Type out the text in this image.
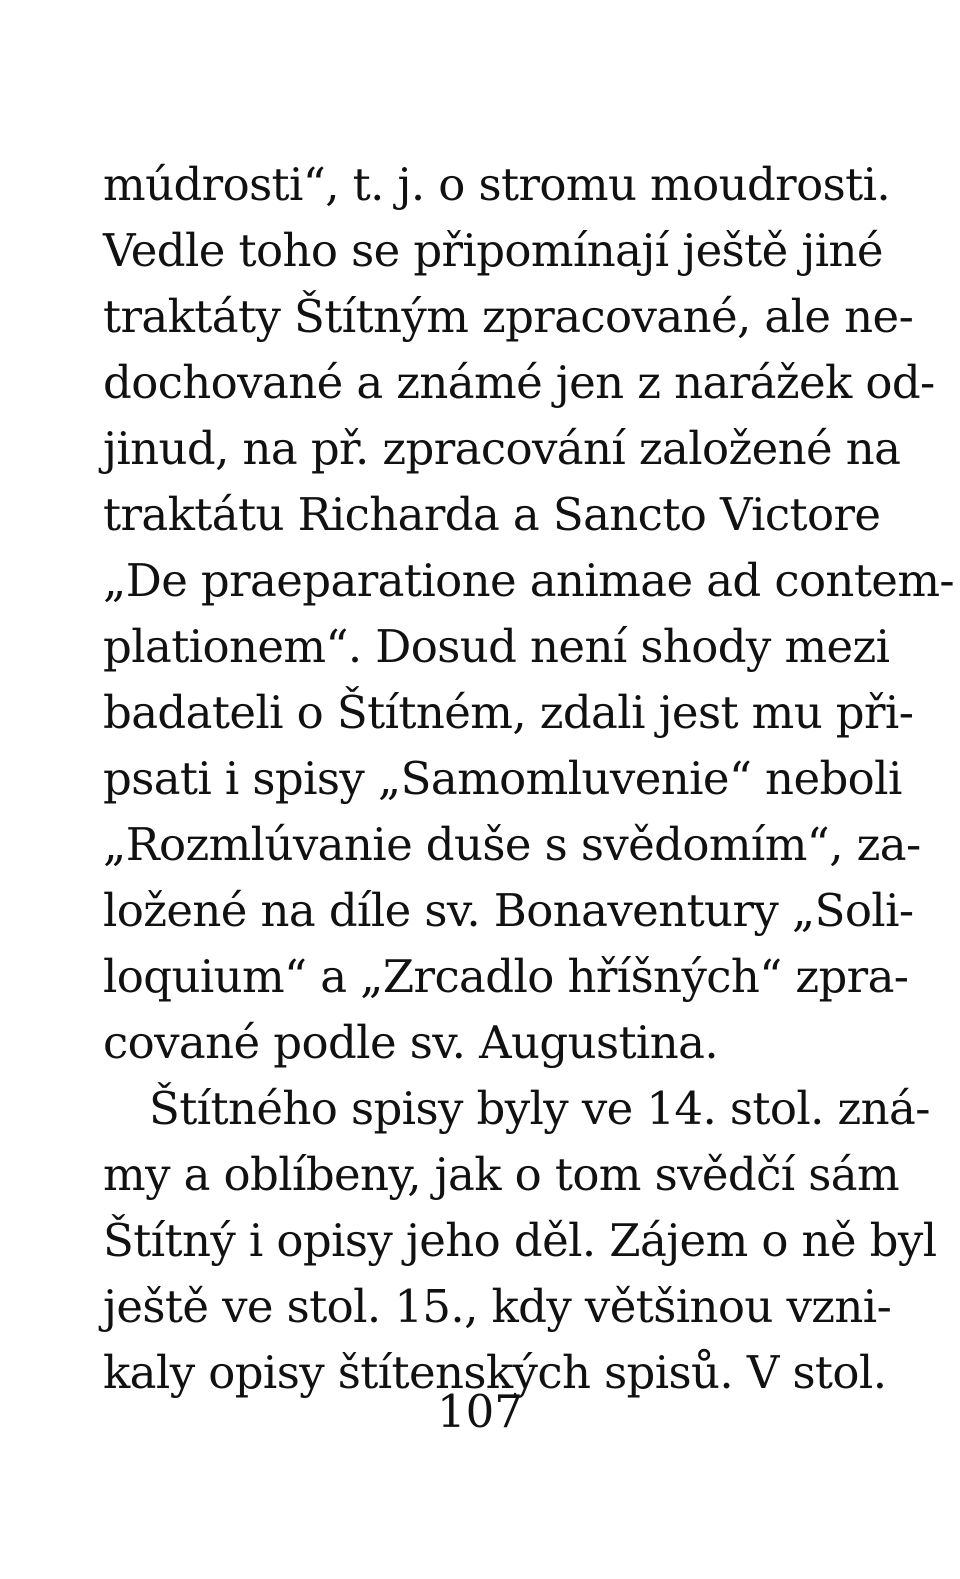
múdrosti“, t. j. o stromu moudrosti.
Vedle toho se připomínají ještě jiné
traktáty Štítným zpracované, ale ne-
dochované a známé jen z narážek od-
jinud, na př. zpracování založené na
traktátu Richarda a Sancto Victore
„De praeparatione animae ad contem-
plationem“. Dosud není shody mezi
badateli o Štítném, zdali jest mu při-
psati i spisy „Samomluvenie“ neboli
„Rozmlúvanie duše s svědomím“, za-
ložené na díle sv. Bonaventury „Soli-
loquium“ a „Zrcadlo hříšných“ zpra-
cované podle sv. Augustina.
Štítného spisy byly ve 14. stol. zná-
my a oblíbeny, jak o tom svědčí sám
Štítný i opisy jeho děl. Zájem o ně byl
ještě ve stol. 15., kdy většinou vzni-
kaly opisy štítenských spisů. V stol.
107
